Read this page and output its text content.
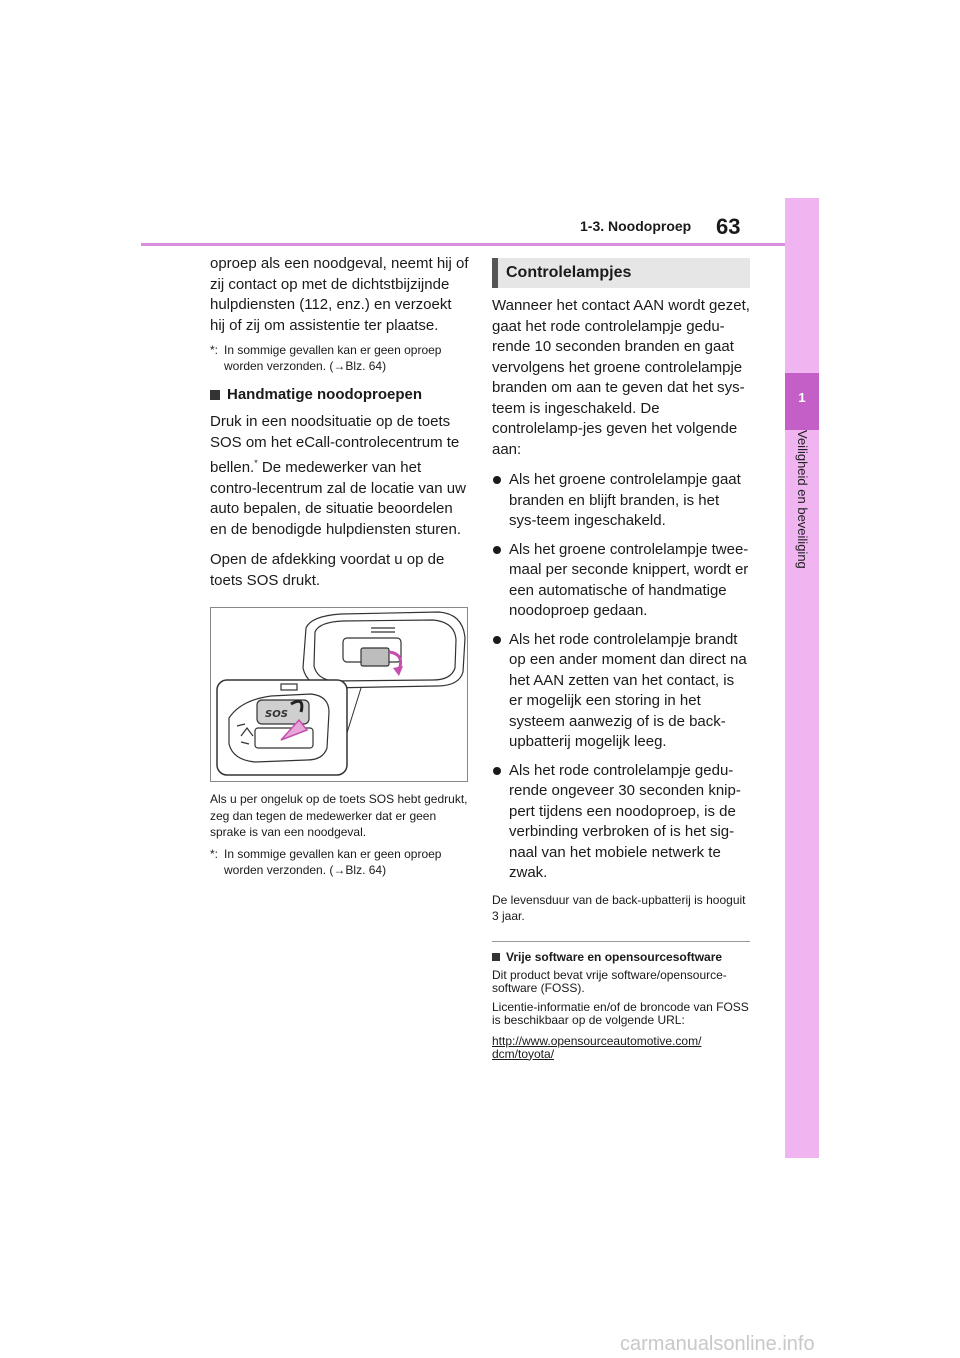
1-3. Noodoproep 63
1
Veiligheid en beveiliging

oproep als een noodgeval, neemt hij of zij contact op met de dichtstbijzijnde hulpdiensten (112, enz.) en verzoekt hij of zij om assistentie ter plaatse.

*: In sommige gevallen kan er geen oproep worden verzonden. (→Blz. 64)
Handmatige noodoproepen

Druk in een noodsituatie op de toets SOS om het eCall-controlecentrum te bellen.* De medewerker van het contro-lecentrum zal de locatie van uw auto bepalen, de situatie beoordelen en de benodigde hulpdiensten sturen.

Open de afdekking voordat u op de toets SOS drukt.

SOS

Als u per ongeluk op de toets SOS hebt gedrukt, zeg dan tegen de medewerker dat er geen sprake is van een noodgeval.

*: In sommige gevallen kan er geen oproep worden verzonden. (→Blz. 64)
Controlelampjes

Wanneer het contact AAN wordt gezet, gaat het rode controlelampje gedu-rende 10 seconden branden en gaat vervolgens het groene controlelampje branden om aan te geven dat het sys-teem is ingeschakeld. De controlelamp-jes geven het volgende aan:

Als het groene controlelampje gaat branden en blijft branden, is het sys-teem ingeschakeld.
Als het groene controlelampje twee-maal per seconde knippert, wordt er een automatische of handmatige noodoproep gedaan.
Als het rode controlelampje brandt op een ander moment dan direct na het AAN zetten van het contact, is er mogelijk een storing in het systeem aanwezig of is de back-upbatterij mogelijk leeg.
Als het rode controlelampje gedu-rende ongeveer 30 seconden knip-pert tijdens een noodoproep, is de verbinding verbroken of is het sig-naal van het mobiele netwerk te zwak.

De levensduur van de back-upbatterij is hooguit 3 jaar.

Vrije software en opensourcesoftware

Dit product bevat vrije software/opensource-software (FOSS).

Licentie-informatie en/of de broncode van FOSS is beschikbaar op de volgende URL:

http://www.opensourceautomotive.com/ dcm/toyota/

carmanualsonline.info
